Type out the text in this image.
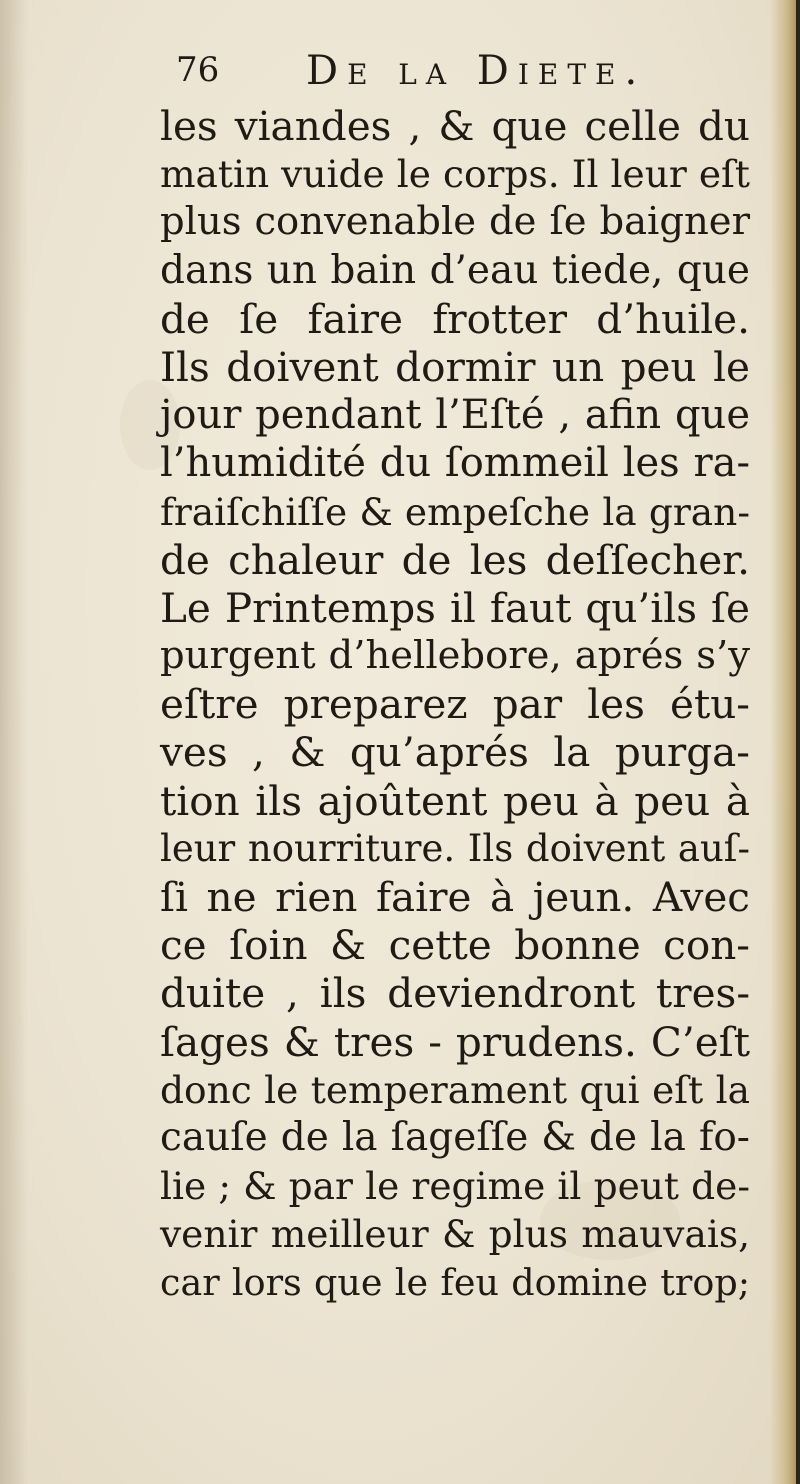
76 De la Diete.
les viandes , & que celle du
matin vuide le corps. Il leur eſt
plus convenable de ſe baigner
dans un bain d’eau tiede, que
de ſe faire frotter d’huile.
Ils doivent dormir un peu le
jour pendant l’Eſté , afin que
l’humidité du ſommeil les ra-
fraiſchiſſe & empeſche la gran-
de chaleur de les deſſecher.
Le Printemps il faut qu’ils ſe
purgent d’hellebore, aprés s’y
eſtre preparez par les étu-
ves , & qu’aprés la purga-
tion ils ajoûtent peu à peu à
leur nourriture. Ils doivent auſ-
ſi ne rien faire à jeun. Avec
ce ſoin & cette bonne con-
duite , ils deviendront tres-
ſages & tres - prudens. C’eſt
donc le temperament qui eſt la
cauſe de la ſageſſe & de la fo-
lie ; & par le regime il peut de-
venir meilleur & plus mauvais,
car lors que le feu domine trop;
